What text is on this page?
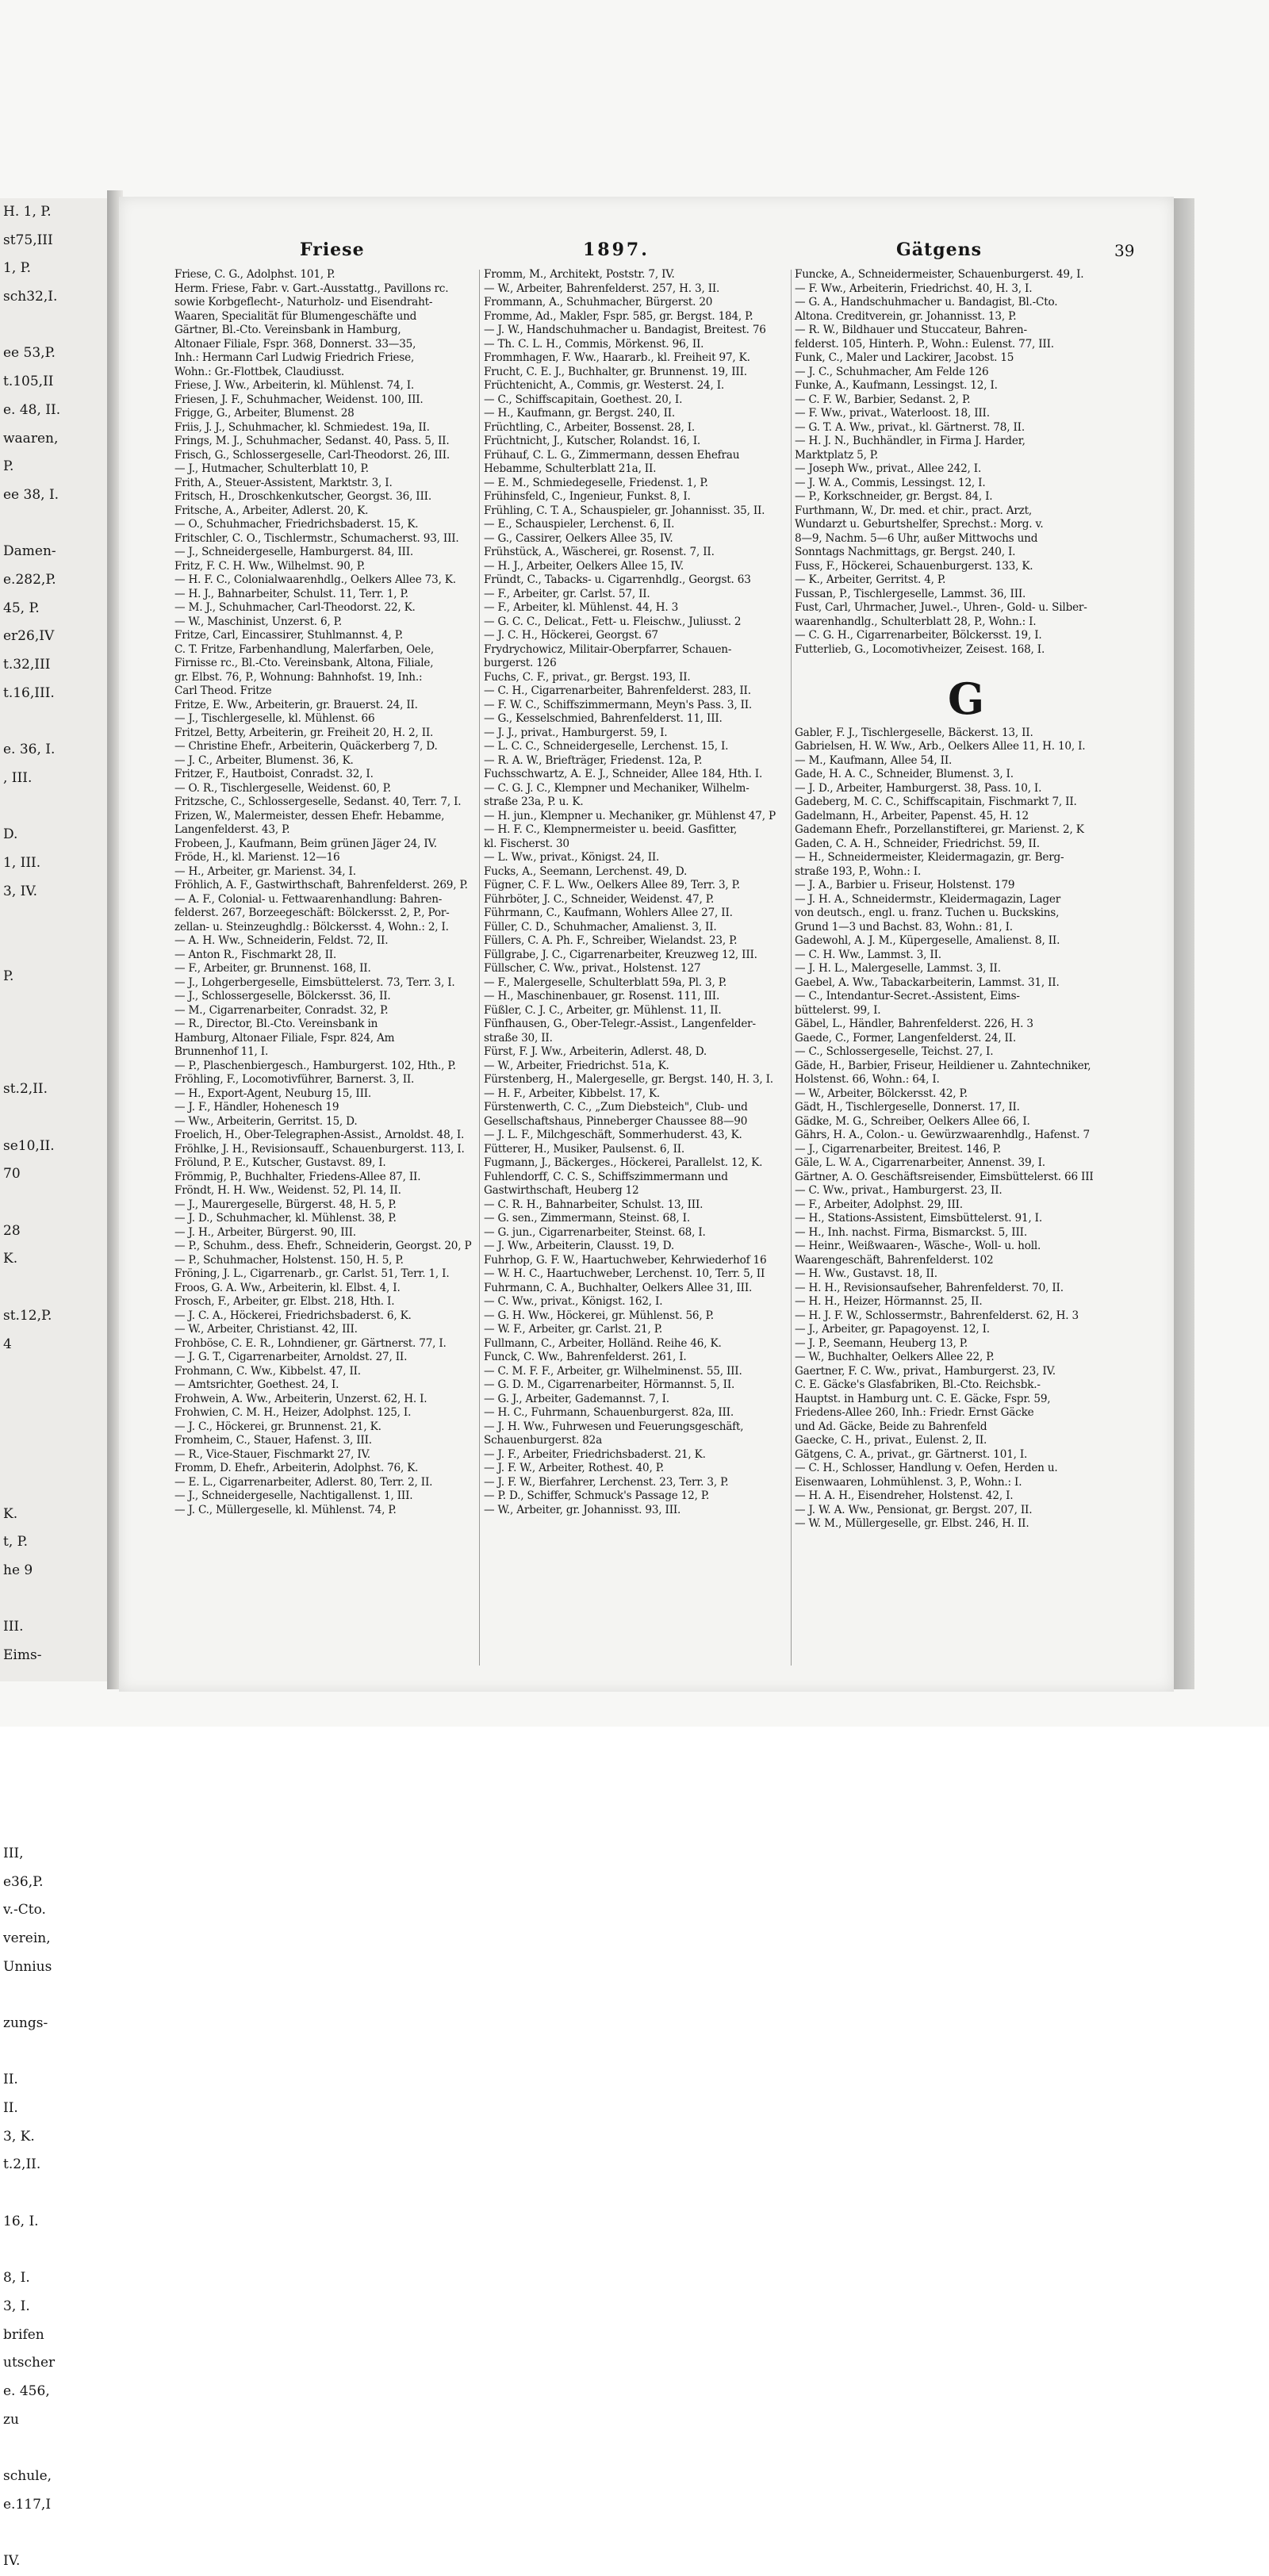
H. 1, P.
st75,III
1, P.
sch32,I.
ee 53,P.
t.105,II
e. 48, II.
waaren,
P.
ee 38, I.
Damen-
e.282,P.
45, P.
er26,IV
t.32,III
t.16,III.
e. 36, I.
, III.
D.
1, III.
3, IV.
P.
st.2,II.
se10,II.
70
28
K.
st.12,P.
4
K.
t, P.
he 9
III.
Eims-
III,
e36,P.
v.-Cto.
verein,
Unnius
zungs-
II.
II.
3, K.
t.2,II.
16, I.
8, I.
3, I.
brifen
utscher
e. 456,
zu
schule,
e.117,I
IV.
Friese	1897.	Gätgens	39
Friese, C. G., Adolphst. 101, P.
Herm. Friese, Fabr. v. Gart.-Ausstattg., Pavillons rc.
sowie Korbgeflecht-, Naturholz- und Eisendraht-
Waaren, Specialität für Blumengeschäfte und
Gärtner, Bl.-Cto. Vereinsbank in Hamburg,
Altonaer Filiale, Fspr. 368, Donnerst. 33—35,
Inh.: Hermann Carl Ludwig Friedrich Friese,
Wohn.: Gr.-Flottbek, Claudiusst.
Friese, J. Ww., Arbeiterin, kl. Mühlenst. 74, I.
Friesen, J. F., Schuhmacher, Weidenst. 100, III.
Frigge, G., Arbeiter, Blumenst. 28
Friis, J. J., Schuhmacher, kl. Schmiedest. 19a, II.
Frings, M. J., Schuhmacher, Sedanst. 40, Pass. 5, II.
Frisch, G., Schlossergeselle, Carl-Theodorst. 26, III.
— J., Hutmacher, Schulterblatt 10, P.
Frith, A., Steuer-Assistent, Marktstr. 3, I.
Fritsch, H., Droschkenkutscher, Georgst. 36, III.
Fritsche, A., Arbeiter, Adlerst. 20, K.
— O., Schuhmacher, Friedrichsbaderst. 15, K.
Fritschler, C. O., Tischlermstr., Schumacherst. 93, III.
— J., Schneidergeselle, Hamburgerst. 84, III.
Fritz, F. C. H. Ww., Wilhelmst. 90, P.
— H. F. C., Colonialwaarenhdlg., Oelkers Allee 73, K.
— H. J., Bahnarbeiter, Schulst. 11, Terr. 1, P.
— M. J., Schuhmacher, Carl-Theodorst. 22, K.
— W., Maschinist, Unzerst. 6, P.
Fritze, Carl, Eincassirer, Stuhlmannst. 4, P.
C. T. Fritze, Farbenhandlung, Malerfarben, Oele,
Firnisse rc., Bl.-Cto. Vereinsbank, Altona, Filiale,
gr. Elbst. 76, P., Wohnung: Bahnhofst. 19, Inh.:
Carl Theod. Fritze
Fritze, E. Ww., Arbeiterin, gr. Brauerst. 24, II.
— J., Tischlergeselle, kl. Mühlenst. 66
Fritzel, Betty, Arbeiterin, gr. Freiheit 20, H. 2, II.
— Christine Ehefr., Arbeiterin, Quäckerberg 7, D.
— J. C., Arbeiter, Blumenst. 36, K.
Fritzer, F., Hautboist, Conradst. 32, I.
— O. R., Tischlergeselle, Weidenst. 60, P.
Fritzsche, C., Schlossergeselle, Sedanst. 40, Terr. 7, I.
Frizen, W., Malermeister, dessen Ehefr. Hebamme,
Langenfelderst. 43, P.
Frobeen, J., Kaufmann, Beim grünen Jäger 24, IV.
Fröde, H., kl. Marienst. 12—16
— H., Arbeiter, gr. Marienst. 34, I.
Fröhlich, A. F., Gastwirthschaft, Bahrenfelderst. 269, P.
— A. F., Colonial- u. Fettwaarenhandlung: Bahren-
felderst. 267, Borzeegeschäft: Bölckersst. 2, P., Por-
zellan- u. Steinzeughdlg.: Bölckersst. 4, Wohn.: 2, I.
— A. H. Ww., Schneiderin, Feldst. 72, II.
— Anton R., Fischmarkt 28, II.
— F., Arbeiter, gr. Brunnenst. 168, II.
— J., Lohgerbergeselle, Eimsbüttelerst. 73, Terr. 3, I.
— J., Schlossergeselle, Bölckersst. 36, II.
— M., Cigarrenarbeiter, Conradst. 32, P.
— R., Director, Bl.-Cto. Vereinsbank in
Hamburg, Altonaer Filiale, Fspr. 824, Am
Brunnenhof 11, I.
— P., Plaschenbiergesch., Hamburgerst. 102, Hth., P.
Fröhling, F., Locomotivführer, Barnerst. 3, II.
— H., Export-Agent, Neuburg 15, III.
— J. F., Händler, Hohenesch 19
— Ww., Arbeiterin, Gerritst. 15, D.
Froelich, H., Ober-Telegraphen-Assist., Arnoldst. 48, I.
Fröhlke, J. H., Revisionsauff., Schauenburgerst. 113, I.
Frölund, P. E., Kutscher, Gustavst. 89, I.
Frömmig, P., Buchhalter, Friedens-Allee 87, II.
Fröndt, H. H. Ww., Weidenst. 52, Pl. 14, II.
— J., Maurergeselle, Bürgerst. 48, H. 5, P.
— J. D., Schuhmacher, kl. Mühlenst. 38, P.
— J. H., Arbeiter, Bürgerst. 90, III.
— P., Schuhm., dess. Ehefr., Schneiderin, Georgst. 20, P
— P., Schuhmacher, Holstenst. 150, H. 5, P.
Fröning, J. L., Cigarrenarb., gr. Carlst. 51, Terr. 1, I.
Froos, G. A. Ww., Arbeiterin, kl. Elbst. 4, I.
Frosch, F., Arbeiter, gr. Elbst. 218, Hth. I.
— J. C. A., Höckerei, Friedrichsbaderst. 6, K.
— W., Arbeiter, Christianst. 42, III.
Frohböse, C. E. R., Lohndiener, gr. Gärtnerst. 77, I.
— J. G. T., Cigarrenarbeiter, Arnoldst. 27, II.
Frohmann, C. Ww., Kibbelst. 47, II.
— Amtsrichter, Goethest. 24, I.
Frohwein, A. Ww., Arbeiterin, Unzerst. 62, H. I.
Frohwien, C. M. H., Heizer, Adolphst. 125, I.
— J. C., Höckerei, gr. Brunnenst. 21, K.
Fromheim, C., Stauer, Hafenst. 3, III.
— R., Vice-Stauer, Fischmarkt 27, IV.
Fromm, D. Ehefr., Arbeiterin, Adolphst. 76, K.
— E. L., Cigarrenarbeiter, Adlerst. 80, Terr. 2, II.
— J., Schneidergeselle, Nachtigallenst. 1, III.
— J. C., Müllergeselle, kl. Mühlenst. 74, P.
Fromm, M., Architekt, Poststr. 7, IV.
— W., Arbeiter, Bahrenfelderst. 257, H. 3, II.
Frommann, A., Schuhmacher, Bürgerst. 20
Fromme, Ad., Makler, Fspr. 585, gr. Bergst. 184, P.
— J. W., Handschuhmacher u. Bandagist, Breitest. 76
— Th. C. L. H., Commis, Mörkenst. 96, II.
Frommhagen, F. Ww., Haararb., kl. Freiheit 97, K.
Frucht, C. E. J., Buchhalter, gr. Brunnenst. 19, III.
Früchtenicht, A., Commis, gr. Westerst. 24, I.
— C., Schiffscapitain, Goethest. 20, I.
— H., Kaufmann, gr. Bergst. 240, II.
Früchtling, C., Arbeiter, Bossenst. 28, I.
Früchtnicht, J., Kutscher, Rolandst. 16, I.
Frühauf, C. L. G., Zimmermann, dessen Ehefrau
Hebamme, Schulterblatt 21a, II.
— E. M., Schmiedegeselle, Friedenst. 1, P.
Frühinsfeld, C., Ingenieur, Funkst. 8, I.
Frühling, C. T. A., Schauspieler, gr. Johannisst. 35, II.
— E., Schauspieler, Lerchenst. 6, II.
— G., Cassirer, Oelkers Allee 35, IV.
Frühstück, A., Wäscherei, gr. Rosenst. 7, II.
— H. J., Arbeiter, Oelkers Allee 15, IV.
Fründt, C., Tabacks- u. Cigarrenhdlg., Georgst. 63
— F., Arbeiter, gr. Carlst. 57, II.
— F., Arbeiter, kl. Mühlenst. 44, H. 3
— G. C. C., Delicat., Fett- u. Fleischw., Juliusst. 2
— J. C. H., Höckerei, Georgst. 67
Frydrychowicz, Militair-Oberpfarrer, Schauen-
burgerst. 126
Fuchs, C. F., privat., gr. Bergst. 193, II.
— C. H., Cigarrenarbeiter, Bahrenfelderst. 283, II.
— F. W. C., Schiffszimmermann, Meyn's Pass. 3, II.
— G., Kesselschmied, Bahrenfelderst. 11, III.
— J. J., privat., Hamburgerst. 59, I.
— L. C. C., Schneidergeselle, Lerchenst. 15, I.
— R. A. W., Briefträger, Friedenst. 12a, P.
Fuchsschwartz, A. E. J., Schneider, Allee 184, Hth. I.
— C. G. J. C., Klempner und Mechaniker, Wilhelm-
straße 23a, P. u. K.
— H. jun., Klempner u. Mechaniker, gr. Mühlenst 47, P
— H. F. C., Klempnermeister u. beeid. Gasfitter,
kl. Fischerst. 30
— L. Ww., privat., Königst. 24, II.
Fucks, A., Seemann, Lerchenst. 49, D.
Fügner, C. F. L. Ww., Oelkers Allee 89, Terr. 3, P.
Führböter, J. C., Schneider, Weidenst. 47, P.
Führmann, C., Kaufmann, Wohlers Allee 27, II.
Füller, C. D., Schuhmacher, Amalienst. 3, II.
Füllers, C. A. Ph. F., Schreiber, Wielandst. 23, P.
Füllgrabe, J. C., Cigarrenarbeiter, Kreuzweg 12, III.
Füllscher, C. Ww., privat., Holstenst. 127
— F., Malergeselle, Schulterblatt 59a, Pl. 3, P.
— H., Maschinenbauer, gr. Rosenst. 111, III.
Füßler, C. J. C., Arbeiter, gr. Mühlenst. 11, II.
Fünfhausen, G., Ober-Telegr.-Assist., Langenfelder-
straße 30, II.
Fürst, F. J. Ww., Arbeiterin, Adlerst. 48, D.
— W., Arbeiter, Friedrichst. 51a, K.
Fürstenberg, H., Malergeselle, gr. Bergst. 140, H. 3, I.
— H. F., Arbeiter, Kibbelst. 17, K.
Fürstenwerth, C. C., „Zum Diebsteich", Club- und
Gesellschaftshaus, Pinneberger Chaussee 88—90
— J. L. F., Milchgeschäft, Sommerhuderst. 43, K.
Fütterer, H., Musiker, Paulsenst. 6, II.
Fugmann, J., Bäckerges., Höckerei, Parallelst. 12, K.
Fuhlendorff, C. C. S., Schiffszimmermann und
Gastwirthschaft, Heuberg 12
— C. R. H., Bahnarbeiter, Schulst. 13, III.
— G. sen., Zimmermann, Steinst. 68, I.
— G. jun., Cigarrenarbeiter, Steinst. 68, I.
— J. Ww., Arbeiterin, Clausst. 19, D.
Fuhrhop, G. F. W., Haartuchweber, Kehrwiederhof 16
— W. H. C., Haartuchweber, Lerchenst. 10, Terr. 5, II
Fuhrmann, C. A., Buchhalter, Oelkers Allee 31, III.
— C. Ww., privat., Königst. 162, I.
— G. H. Ww., Höckerei, gr. Mühlenst. 56, P.
— W. F., Arbeiter, gr. Carlst. 21, P.
Fullmann, C., Arbeiter, Holländ. Reihe 46, K.
Funck, C. Ww., Bahrenfelderst. 261, I.
— C. M. F. F., Arbeiter, gr. Wilhelminenst. 55, III.
— G. D. M., Cigarrenarbeiter, Hörmannst. 5, II.
— G. J., Arbeiter, Gademannst. 7, I.
— H. C., Fuhrmann, Schauenburgerst. 82a, III.
— J. H. Ww., Fuhrwesen und Feuerungsgeschäft,
Schauenburgerst. 82a
— J. F., Arbeiter, Friedrichsbaderst. 21, K.
— J. F. W., Arbeiter, Rothest. 40, P.
— J. F. W., Bierfahrer, Lerchenst. 23, Terr. 3, P.
— P. D., Schiffer, Schmuck's Passage 12, P.
— W., Arbeiter, gr. Johannisst. 93, III.
Funcke, A., Schneidermeister, Schauenburgerst. 49, I.
— F. Ww., Arbeiterin, Friedrichst. 40, H. 3, I.
— G. A., Handschuhmacher u. Bandagist, Bl.-Cto.
Altona. Creditverein, gr. Johannisst. 13, P.
— R. W., Bildhauer und Stuccateur, Bahren-
felderst. 105, Hinterh. P., Wohn.: Eulenst. 77, III.
Funk, C., Maler und Lackirer, Jacobst. 15
— J. C., Schuhmacher, Am Felde 126
Funke, A., Kaufmann, Lessingst. 12, I.
— C. F. W., Barbier, Sedanst. 2, P.
— F. Ww., privat., Waterloost. 18, III.
— G. T. A. Ww., privat., kl. Gärtnerst. 78, II.
— H. J. N., Buchhändler, in Firma J. Harder,
Marktplatz 5, P.
— Joseph Ww., privat., Allee 242, I.
— J. W. A., Commis, Lessingst. 12, I.
— P., Korkschneider, gr. Bergst. 84, I.
Furthmann, W., Dr. med. et chir., pract. Arzt,
Wundarzt u. Geburtshelfer, Sprechst.: Morg. v.
8—9, Nachm. 5—6 Uhr, außer Mittwochs und
Sonntags Nachmittags, gr. Bergst. 240, I.
Fuss, F., Höckerei, Schauenburgerst. 133, K.
— K., Arbeiter, Gerritst. 4, P.
Fussan, P., Tischlergeselle, Lammst. 36, III.
Fust, Carl, Uhrmacher, Juwel.-, Uhren-, Gold- u. Silber-
waarenhandlg., Schulterblatt 28, P., Wohn.: I.
— C. G. H., Cigarrenarbeiter, Bölckersst. 19, I.
Futterlieb, G., Locomotivheizer, Zeisest. 168, I.
G
Gabler, F. J., Tischlergeselle, Bäckerst. 13, II.
Gabrielsen, H. W. Ww., Arb., Oelkers Allee 11, H. 10, I.
— M., Kaufmann, Allee 54, II.
Gade, H. A. C., Schneider, Blumenst. 3, I.
— J. D., Arbeiter, Hamburgerst. 38, Pass. 10, I.
Gadeberg, M. C. C., Schiffscapitain, Fischmarkt 7, II.
Gadelmann, H., Arbeiter, Papenst. 45, H. 12
Gademann Ehefr., Porzellanstifterei, gr. Marienst. 2, K
Gaden, C. A. H., Schneider, Friedrichst. 59, II.
— H., Schneidermeister, Kleidermagazin, gr. Berg-
straße 193, P., Wohn.: I.
— J. A., Barbier u. Friseur, Holstenst. 179
— J. H. A., Schneidermstr., Kleidermagazin, Lager
von deutsch., engl. u. franz. Tuchen u. Buckskins,
Grund 1—3 und Bachst. 83, Wohn.: 81, I.
Gadewohl, A. J. M., Küpergeselle, Amalienst. 8, II.
— C. H. Ww., Lammst. 3, II.
— J. H. L., Malergeselle, Lammst. 3, II.
Gaebel, A. Ww., Tabackarbeiterin, Lammst. 31, II.
— C., Intendantur-Secret.-Assistent, Eims-
büttelerst. 99, I.
Gäbel, L., Händler, Bahrenfelderst. 226, H. 3
Gaede, C., Former, Langenfelderst. 24, II.
— C., Schlossergeselle, Teichst. 27, I.
Gäde, H., Barbier, Friseur, Heildiener u. Zahntechniker,
Holstenst. 66, Wohn.: 64, I.
— W., Arbeiter, Bölckersst. 42, P.
Gädt, H., Tischlergeselle, Donnerst. 17, II.
Gädke, M. G., Schreiber, Oelkers Allee 66, I.
Gährs, H. A., Colon.- u. Gewürzwaarenhdlg., Hafenst. 7
— J., Cigarrenarbeiter, Breitest. 146, P.
Gäle, L. W. A., Cigarrenarbeiter, Annenst. 39, I.
Gärtner, A. O. Geschäftsreisender, Eimsbüttelerst. 66 III
— C. Ww., privat., Hamburgerst. 23, II.
— F., Arbeiter, Adolphst. 29, III.
— H., Stations-Assistent, Eimsbüttelerst. 91, I.
— H., Inh. nachst. Firma, Bismarckst. 5, III.
— Heinr., Weißwaaren-, Wäsche-, Woll- u. holl.
Waarengeschäft, Bahrenfelderst. 102
— H. Ww., Gustavst. 18, II.
— H. H., Revisionsaufseher, Bahrenfelderst. 70, II.
— H. H., Heizer, Hörmannst. 25, II.
— H. J. F. W., Schlossermstr., Bahrenfelderst. 62, H. 3
— J., Arbeiter, gr. Papagoyenst. 12, I.
— J. P., Seemann, Heuberg 13, P.
— W., Buchhalter, Oelkers Allee 22, P.
Gaertner, F. C. Ww., privat., Hamburgerst. 23, IV.
C. E. Gäcke's Glasfabriken, Bl.-Cto. Reichsbk.-
Hauptst. in Hamburg unt. C. E. Gäcke, Fspr. 59,
Friedens-Allee 260, Inh.: Friedr. Ernst Gäcke
und Ad. Gäcke, Beide zu Bahrenfeld
Gaecke, C. H., privat., Eulenst. 2, II.
Gätgens, C. A., privat., gr. Gärtnerst. 101, I.
— C. H., Schlosser, Handlung v. Oefen, Herden u.
Eisenwaaren, Lohmühlenst. 3, P., Wohn.: I.
— H. A. H., Eisendreher, Holstenst. 42, I.
— J. W. A. Ww., Pensionat, gr. Bergst. 207, II.
— W. M., Müllergeselle, gr. Elbst. 246, H. II.
